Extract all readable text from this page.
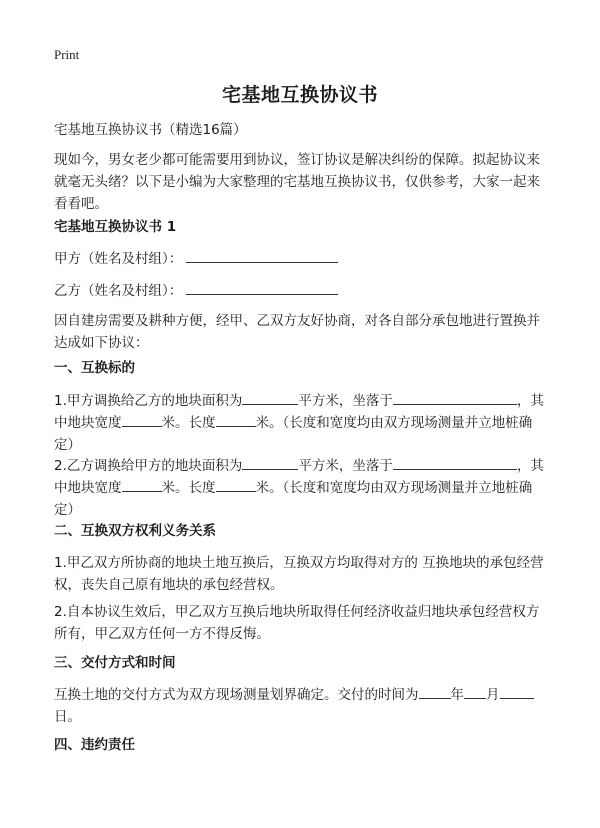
Print
宅基地互换协议书

宅基地互换协议书（精选16篇）

现如今，男女老少都可能需要用到协议，签订协议是解决纠纷的保障。拟起协议来就毫无头绪？以下是小编为大家整理的宅基地互换协议书，仅供参考，大家一起来看看吧。

宅基地互换协议书 1

甲方（姓名及村组）：

乙方（姓名及村组）：

因自建房需要及耕种方便，经甲、乙双方友好协商，对各自部分承包地进行置换并达成如下协议：

一、互换标的

1.甲方调换给乙方的地块面积为	平方米，坐落于	，其中地块宽度	米。长度	米。（长度和宽度均由双方现场测量并立地桩确定）

2.乙方调换给甲方的地块面积为	平方米，坐落于	，其中地块宽度	米。长度	米。（长度和宽度均由双方现场测量并立地桩确定）

二、互换双方权利义务关系

1.甲乙双方所协商的地块土地互换后，互换双方均取得对方的 互换地块的承包经营权，丧失自己原有地块的承包经营权。

2.自本协议生效后，甲乙双方互换后地块所取得任何经济收益归地块承包经营权方所有，甲乙双方任何一方不得反悔。

三、交付方式和时间

互换土地的交付方式为双方现场测量划界确定。交付的时间为 年 月日。

四、违约责任
